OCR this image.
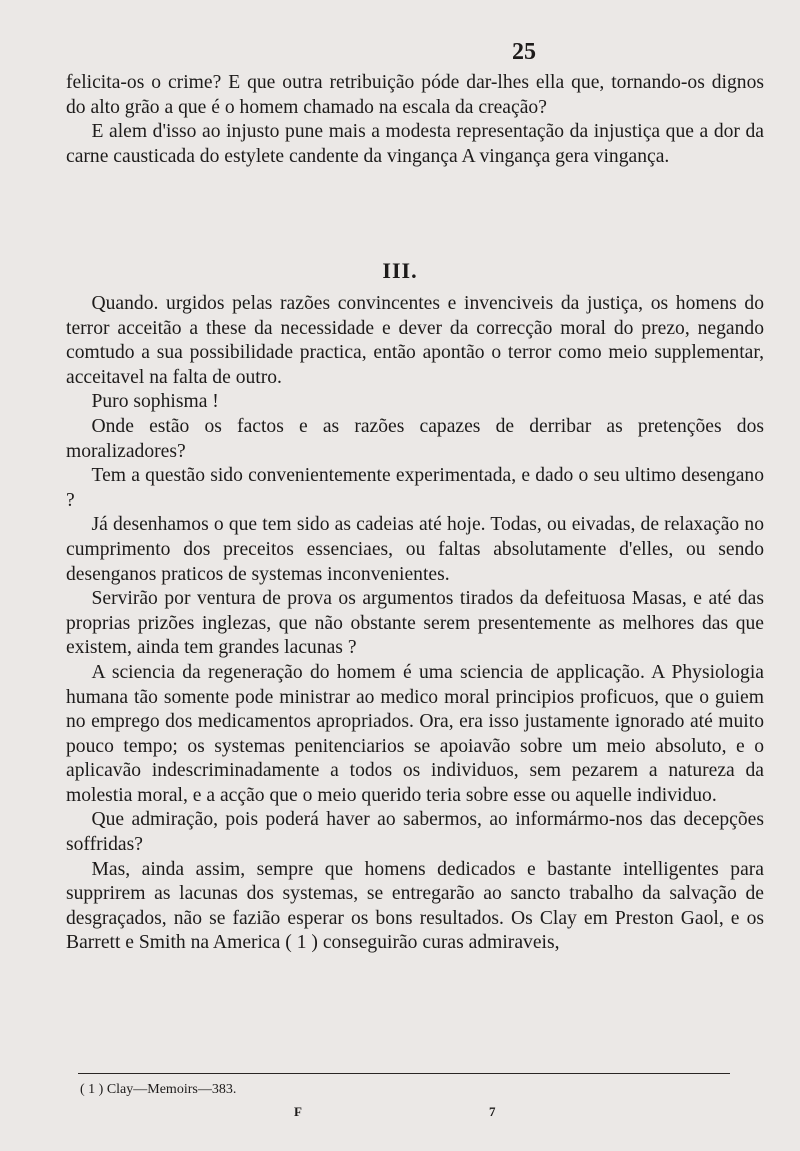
25

felicita-os o crime? E que outra retribuição póde dar-lhes ella que, tornando-os dignos do alto grão a que é o homem chamado na escala da creação?

E alem d'isso ao injusto pune mais a modesta representação da injustiça que a dor da carne causticada do estylete candente da vingança A vingança gera vingança.

III.

Quando. urgidos pelas razões convincentes e invenciveis da justiça, os homens do terror acceitão a these da necessidade e dever da correcção moral do prezo, negando comtudo a sua possibilidade practica, então apontão o terror como meio supplementar, acceitavel na falta de outro.

Puro sophisma !

Onde estão os factos e as razões capazes de derribar as pretenções dos moralizadores?

Tem a questão sido convenientemente experimentada, e dado o seu ultimo desengano ?

Já desenhamos o que tem sido as cadeias até hoje. Todas, ou eivadas, de relaxação no cumprimento dos preceitos essenciaes, ou faltas absolutamente d'elles, ou sendo desenganos praticos de systemas inconvenientes.

Servirão por ventura de prova os argumentos tirados da defeituosa Masas, e até das proprias prizões inglezas, que não obstante serem presentemente as melhores das que existem, ainda tem grandes lacunas ?

A sciencia da regeneração do homem é uma sciencia de applicação. A Physiologia humana tão somente pode ministrar ao medico moral principios proficuos, que o guiem no emprego dos medicamentos apropriados. Ora, era isso justamente ignorado até muito pouco tempo; os systemas penitenciarios se apoiavão sobre um meio absoluto, e o aplicavão indescriminadamente a todos os individuos, sem pezarem a natureza da molestia moral, e a acção que o meio querido teria sobre esse ou aquelle individuo.

Que admiração, pois poderá haver ao sabermos, ao informármo-nos das decepções soffridas?

Mas, ainda assim, sempre que homens dedicados e bastante intelligentes para supprirem as lacunas dos systemas, se entregarão ao sancto trabalho da salvação de desgraçados, não se fazião esperar os bons resultados. Os Clay em Preston Gaol, e os Barrett e Smith na America ( 1 ) conseguirão curas admiraveis,

( 1 ) Clay—Memoirs—383.
F	7
